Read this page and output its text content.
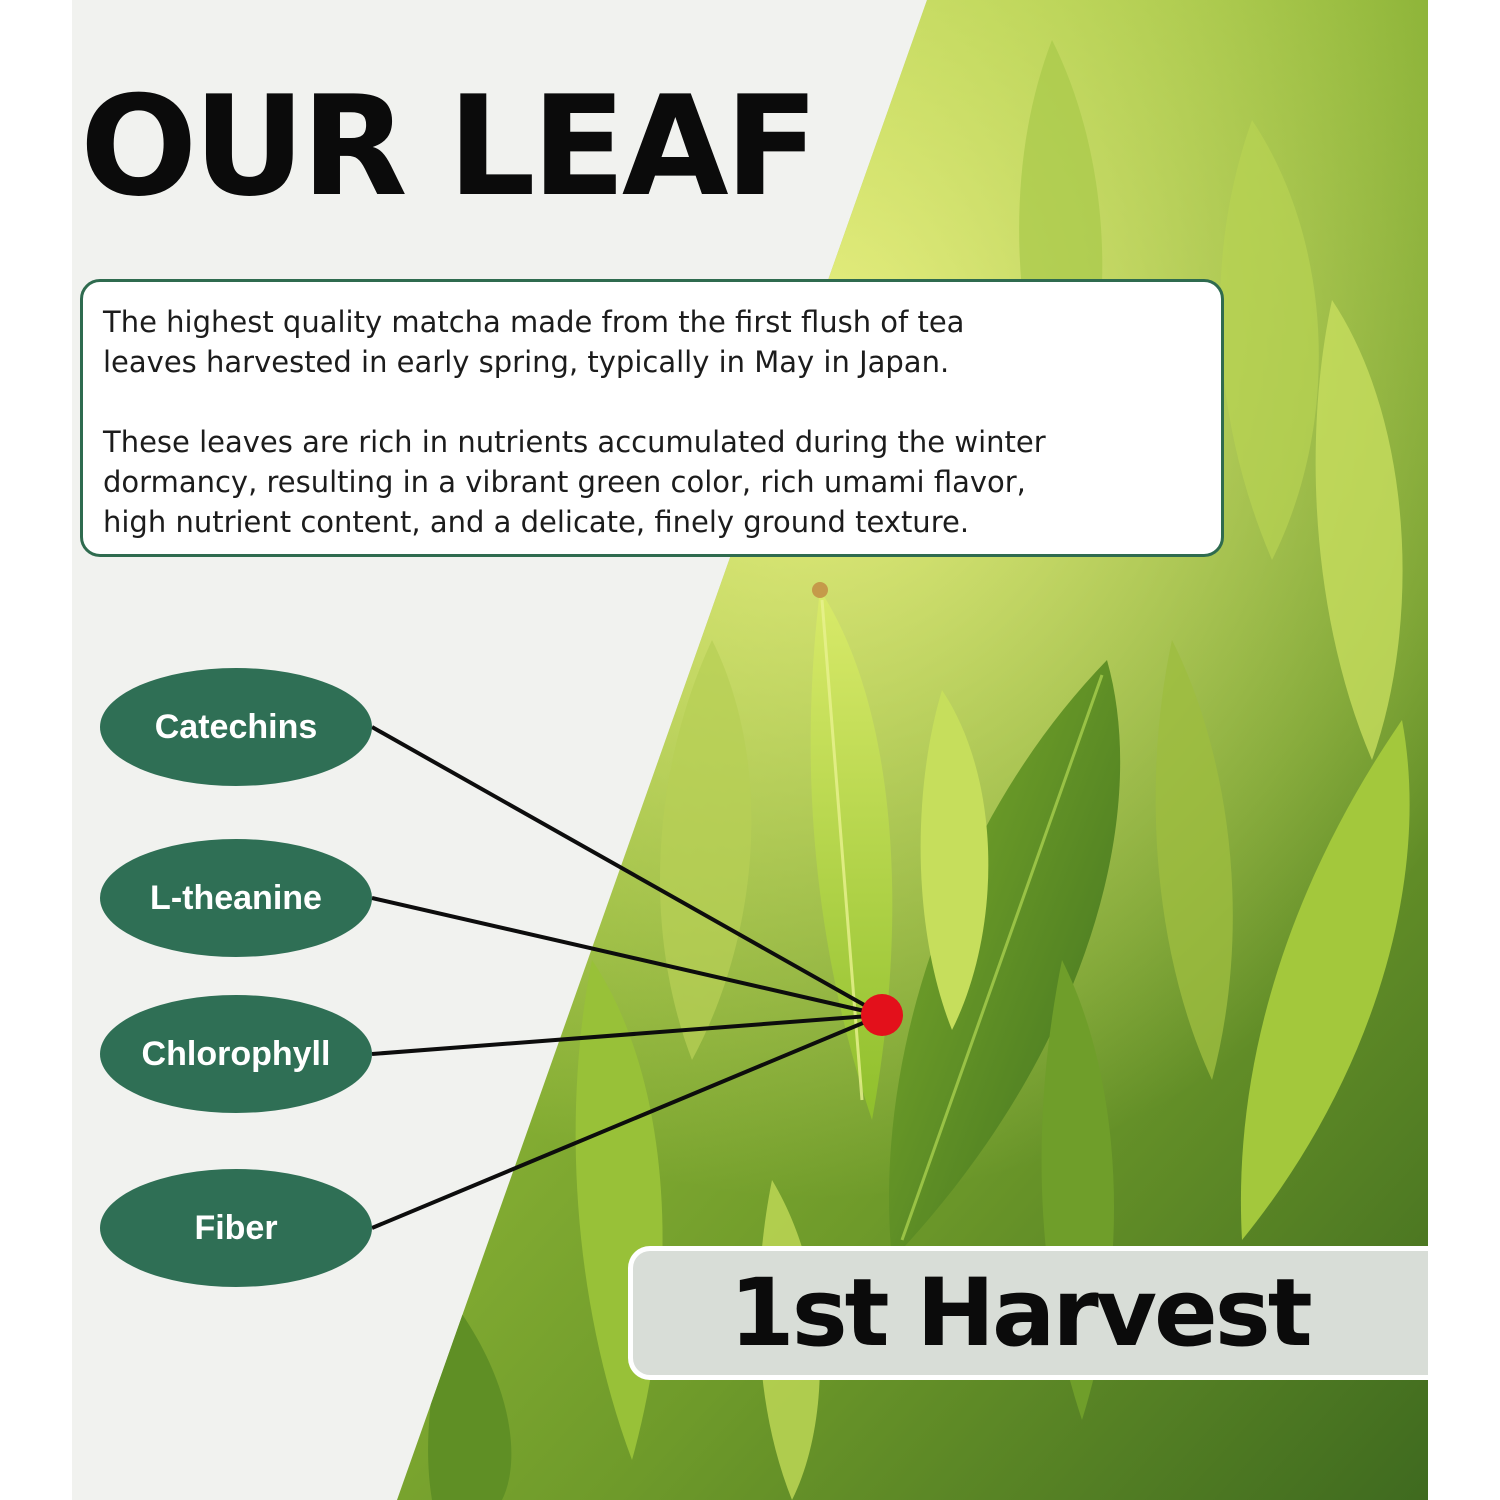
OUR LEAF

The highest quality matcha made from the first flush of tea
leaves harvested in early spring, typically in May in Japan.

These leaves are rich in nutrients accumulated during the winter
dormancy, resulting in a vibrant green color, rich umami flavor,
high nutrient content, and a delicate, finely ground texture.

Catechins
L-theanine
Chlorophyll
Fiber
1st Harvest
